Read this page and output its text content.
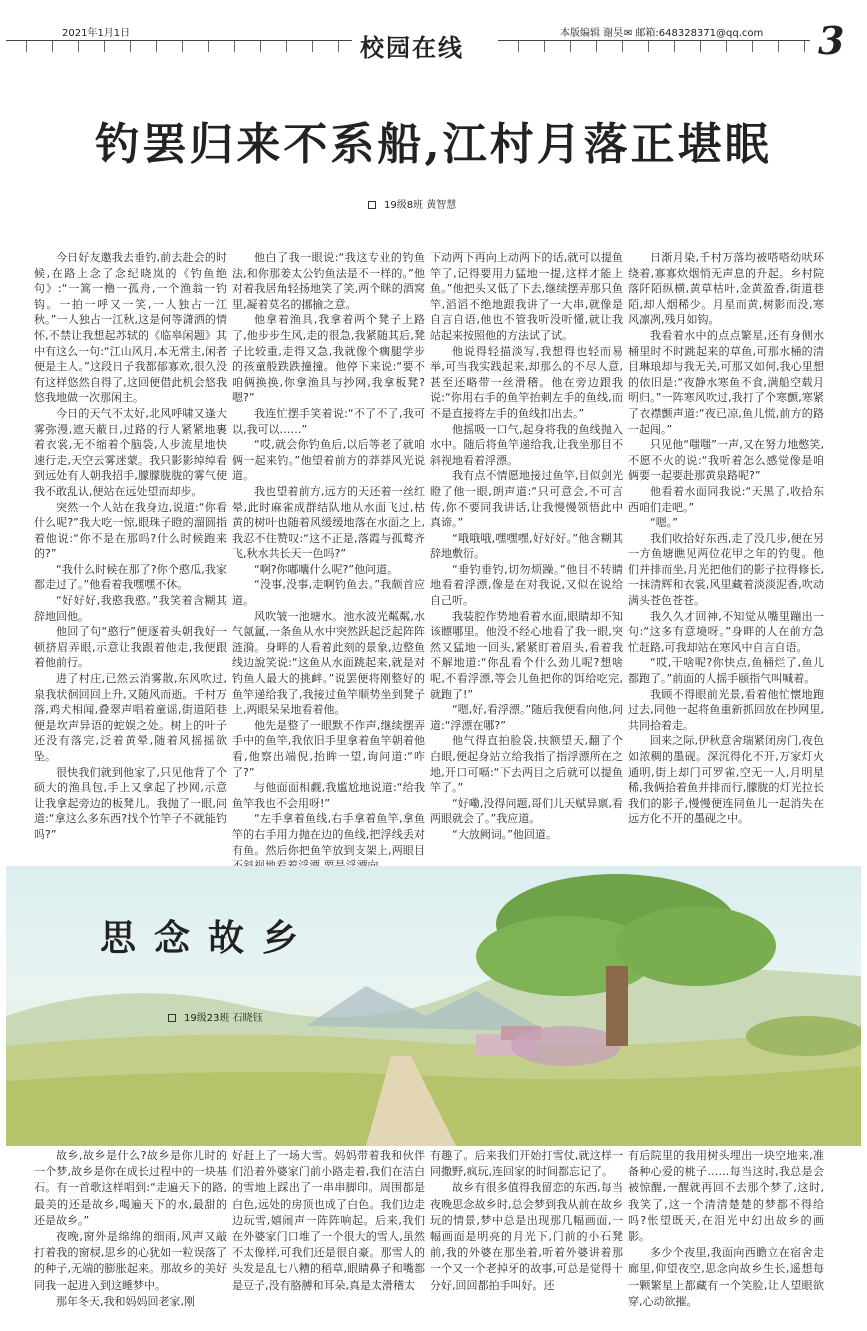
2021年1月1日
校园在线
本版编辑 谢昊 ✉ 邮箱:648328371@qq.com 3
钓罢归来不系船,江村月落正堪眠
19级8班 黄智慧

今日好友邀我去垂钓,前去赴会的时候,在路上念了念纪晓岚的《钓鱼绝句》:“一篙一橹一孤舟,一个渔翁一钓钩。一拍一呼又一笑,一人独占一江秋。”一人独占一江秋,这是何等潇洒的情怀,不禁让我想起苏轼的《临皋闲题》其中有这么一句:“江山风月,本无常主,闲者便是主人。”这段日子我都郁寡欢,很久没有这样悠然自得了,这回便借此机会悠我悠我地做一次那闲主。

今日的天气不太好,北风呼啸又逢大雾弥漫,遮天蔽日,过路的行人紧紧地裹着衣裳,无不缩着个脑袋,人步流星地快速行走,天空云雾迷蒙。我只影影绰绰看到远处有人朝我招手,朦朦胧胧的雾气使我不敢乱认,便站在远处望而却步。

突然一个人站在我身边,说道:“你看什么呢?”我大吃一惊,眼珠子瞪的溜圆指着他说:“你不是在那吗?什么时候跑来的?”

“我什么时候在那了?你个憨瓜,我家都走过了。”他看着我嘿嘿不休。

“好好好,我憨我憨。”我笑着含糊其辞地回他。

他回了句“憨行”便逐着头朝我好一顿挤眉弄眼,示意让我跟着他走,我便跟着他前行。

进了村庄,已然云消雾散,东风吹过,泉我状徊回回上升,又随风而逝。千村万落,鸡犬相闻,叠翠声唱着童谣,街道陌巷便是坎声异语的蛇娱之处。树上的叶子还没有落完,泛着黄晕,随着风摇摇欲坠。

很快我们就到他家了,只见他背了个硕大的渔具包,手上又拿起了抄网,示意让我拿起旁边的板凳儿。我抛了一眼,问道:“拿这么多东西?找个竹竿子不就能钓吗?”

他白了我一眼说:“我这专业的钓鱼法,和你那姜太公钓鱼法是不一样的。”他对着我居角轻扬地笑了笑,两个眯的酒窝里,凝着莫名的挪揄之意。

他拿着渔具,我拿着两个凳子上路了,他步步生风,走的很急,我紧随其后,凳子比较重,走得又急,我就像个瘸腿学步的孩童般跌跌撞撞。他停下来说:“要不咱俩换换,你拿渔具与抄网,我拿板凳?嗯?”

我连忙摆手笑着说:“不了不了,我可以,我可以……”

“哎,就会你钓鱼后,以后等老了就咱俩一起来钓。”他望着前方的莽莽风光说道。

我也望着前方,远方的天还着一丝红晕,此时麻雀成群结队地从水面飞过,枯黄的树叶也随着风缓缓地落在水面之上,我忍不住赞叹:“这不正是,落霞与孤鹜齐飞,秋水共长天一色吗?”

“啊?你嘟囔什么呢?”他问道。

“没事,没事,走啊钓鱼去。”我颇首应道。

风吹皱一池塘水。池水波光粼粼,水气氤氲,一条鱼从水中突然跃起泛起阵阵涟漪。身畔的人看着此刻的景象,边整鱼线边說笑说:“这鱼从水面跳起来,就是对钓鱼人最大的挑衅。”说罢便将刚整好的鱼竿递给我了,我接过鱼竿顺势坐到凳子上,两眼呆呆地看着他。

他先是整了一眼默不作声,继续摆弄手中的鱼竿,我依旧手里拿着鱼竿朝着他看,他察出端倪,抬眸一望,询问道:“咋了?”

与他面面相觑,我尴尬地说道:“给我鱼竿我也不会用呀!”

“左手拿着鱼线,右手拿着鱼竿,拿鱼竿的右手用力抛在边的鱼线,把浮线丢对有鱼。然后你把鱼竿放到支架上,两眼目

下动两下再向上动两下的话,就可以提鱼竿了,记得要用力猛地一提,这样才能上鱼。”他把头又低了下去,继续摆弄那只鱼竿,滔滔不绝地跟我讲了一大串,就像是自言自语,他也不管我听没听懂,就让我站起来按照他的方法试了试。

他说得轻描淡写,我想得也轻而易举,可当我实践起来,却那么的不尽人意,甚至还略带一丝滑稽。他在旁边跟我说:“你用右手的鱼竿抬刺左手的鱼线,而不是直接将左手的鱼线扣出去。”

他摇吸一口气,起身将我的鱼线抛入水中。随后将鱼竿递给我,让我坐那目不斜视地看着浮漂。

我有点不情愿地接过鱼竿,目似剑光瞪了他一眼,朗声道:“只可意会,不可言传,你不要同我讲话,让我慢慢领悟此中真谛。”

“哦哦哦,嘿嘿嘿,好好好。”他含糊其辞地敷衍。

“垂钓垂钓,切勿烦躁。”他目不转睛地看着浮漂,像是在对我说,又似在说给自己听。

我装腔作势地看着水面,眼睛却不知该瞟哪里。他没不经心地看了我一眼,突然又猛地一回头,紧紧盯着眉头,看着我不解地道:“你乱看个什么劲儿呢?想啥呢,不看浮漂,等会儿鱼把你的饵给吃完,就跑了!”

“嗯,好,看浮漂。”随后我便看向他,问道:“浮漂在哪?”

他气得直拍脸袋,扶额望天,翻了个白眼,便起身站立给我指了指浮漂所在之地,开口可嗝:“下去两目之后就可以提鱼竿了。”

“好嘞,没得问题,哥们儿天赋异禀,看两眼就会了。”我应道。

“大放阙词。”他回道。

日渐月染,千村万落均被嗒嗒幼吠环绕着,寡寡炊烟悄无声息的升起。乡村院落阡陌纵横,黄草枯叶,金黄盈香,街道巷陌,却人烟稀少。月星而黄,树影而没,寒风凛冽,残月如钩。

我看着水中的点点繁星,还有身侧水桶里时不时跳起来的草鱼,可那水桶的清目琳琅却与我无关,可那又如何,我心里想的依旧是:“夜静水寒鱼不食,满船空载月明归。”一阵寒风吹过,我打了个寒颤,寒紧了衣襟颤声道:“夜已凉,鱼儿慌,前方的路一起闯。”

只见他“嗤嗤”一声,又在努力地憋笑,不愿不火的说:“我听着怎么感觉像是咱俩要一起要赴那黄泉路呢?”

他看着水面同我说:“天黑了,收拾东西咱们走吧。”

“嗯。”

我们收拾好东西,走了没几步,便在另一方鱼塘瞧见两位花甲之年的钓叟。他们并排而坐,月光把他们的影子拉得修长,一抹清辉和衣裳,风里藏着淡淡泥香,吹动满头苍色苍苍。

我久久才回神,不知觉从嘴里蹦出一句:“这多有意境呀。”身畔的人在前方急忙赶路,可我却站在寒风中自言自语。

“哎,干啥呢?你快点,鱼桶烂了,鱼儿都跑了。”前面的人摇手颐指气叫喊着。

我顾不得眼前光景,看着他忙懐地跑过去,同他一起将鱼重新抓回放在抄网里,共同拾着走。

回来之际,伊秋意舍瑞紧闭房门,夜色如浓稠的墨砚。深沉得化不开,万家灯火通明,街上却门可罗雀,空无一人,月明星稀,我俩拾着鱼并排而行,朦胧的灯光拉长我们的影子,慢慢便连同鱼儿一起消失在远方化不开的墨砚之中。

思念故乡
19级23班 石晓钰

故乡,故乡是什么?故乡是你儿时的一个梦,故乡是你在成长过程中的一块基石。有一首歌这样唱到:“走遍天下的路,最美的还是故乡,喝遍天下的水,最甜的还是故乡。”

夜晚,窗外是绵绵的细雨,风声又敲打着我的窗棂,思乡的心犹如一粒误落了的种子,无端的膨胀起来。那故乡的美好同我一起进入到这睡梦中。

那年冬天,我和妈妈回老家,刚

好赶上了一场大雪。妈妈带着我和伙伴们沿着外婆家门前小路走着,我们在洁白的雪地上踩出了一串串脚印。周围都是白色,远处的房顶也成了白色。我们边走边玩雪,嬉闹声一阵阵响起。后来,我们在外婆家门口堆了一个很大的雪人,虽然不太像样,可我们还是很自豪。那雪人的头发是乱七八糟的稻草,眼睛鼻子和嘴都是豆子,没有胳膊和耳朵,真是太滑稽太

有趣了。后来我们开始打雪仗,就这样一同撒野,疯玩,连回家的时间都忘记了。

故乡有很多值得我留恋的东西,每当夜晚思念故乡时,总会梦到我从前在故乡玩的情景,梦中总是出现那几幅画面,一幅画面是明亮的月光下,门前的小石凳前,我的外婆在那坐着,听着外婆讲着那一个又一个老掉牙的故事,可总是觉得十分好,回回都拍手叫好。还

有后院里的我用树头埋出一块空地来,准备种心爱的桃子……每当这时,我总是会被惊醒,一醒就再回不去那个梦了,这时,我笑了,这一个清清楚楚的梦都不得给吗?怅望既天,在泪光中幻出故乡的画影。

多少个夜里,我面向西瞻立在宿舍走廊里,仰望夜空,思念向故乡生长,遥想每一颗繁星上都藏有一个笑脸,让人望眼欲穿,心动欲摧。
